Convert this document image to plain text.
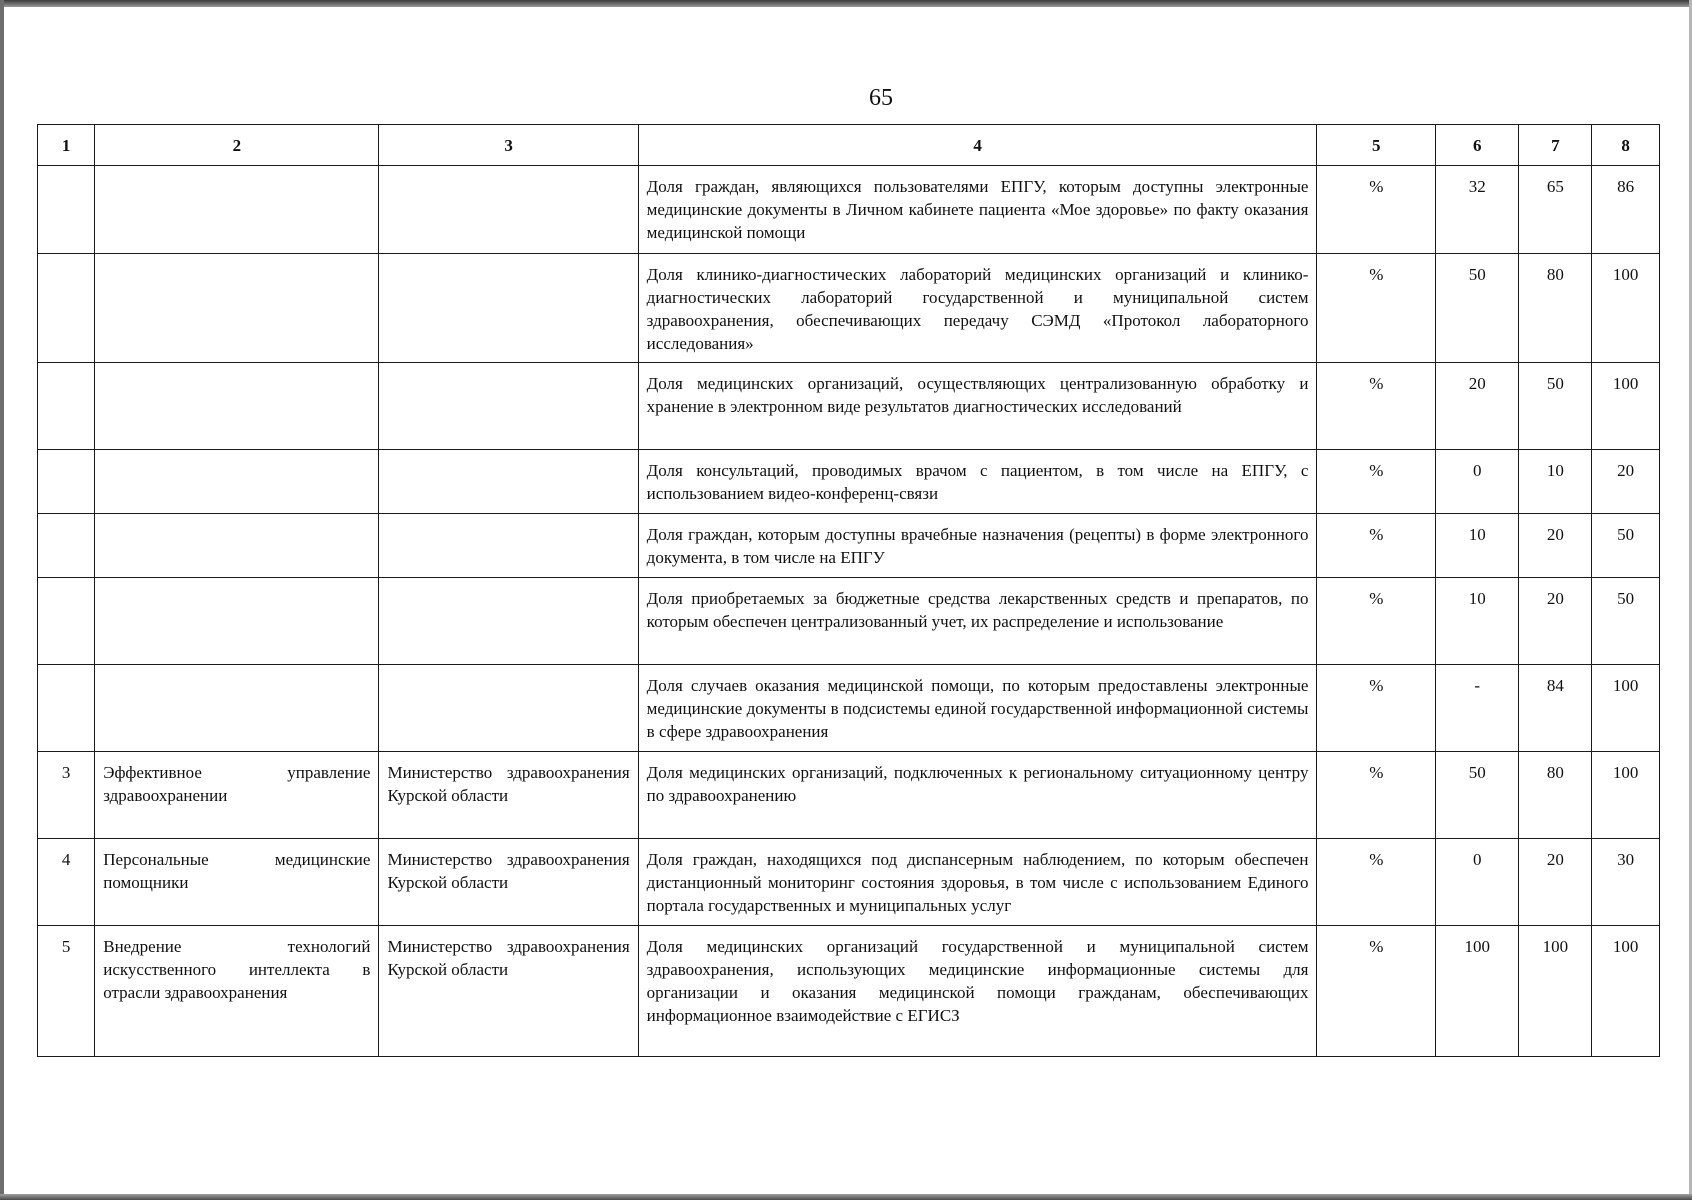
65
1	2	3	4	5	6	7	8
			Доля граждан, являющихся пользователями ЕПГУ, которым доступны электронные медицинские документы в Личном кабинете пациента «Мое здоровье» по факту оказания медицинской помощи	%	32	65	86
			Доля клинико-диагностических лабораторий медицинских организаций и клинико- диагностических лабораторий государственной и муниципальной систем здравоохранения, обеспечивающих передачу СЭМД «Протокол лабораторного исследования»	%	50	80	100
			Доля медицинских организаций, осуществляющих централизованную обработку и хранение в электронном виде результатов диагностических исследований	%	20	50	100
			Доля консультаций, проводимых врачом с пациентом, в том числе на ЕПГУ, с использованием видео-конференц-связи	%	0	10	20
			Доля граждан, которым доступны врачебные назначения (рецепты) в форме электронного документа, в том числе на ЕПГУ	%	10	20	50
			Доля приобретаемых за бюджетные средства лекарственных средств и препаратов, по которым обеспечен централизованный учет, их распределение и использование	%	10	20	50
			Доля случаев оказания медицинской помощи, по которым предоставлены электронные медицинские документы в подсистемы единой государственной информационной системы в сфере здравоохранения	%	-	84	100
3	Эффективное управление здравоохранении	Министерство здравоохранения Курской области	Доля медицинских организаций, подключенных к региональному ситуационному центру по здравоохранению	%	50	80	100
4	Персональные медицинские помощники	Министерство здравоохранения Курской области	Доля граждан, находящихся под диспансерным наблюдением, по которым обеспечен дистанционный мониторинг состояния здоровья, в том числе с использованием Единого портала государственных и муниципальных услуг	%	0	20	30
5	Внедрение технологий искусственного интеллекта в отрасли здравоохранения	Министерство здравоохранения Курской области	Доля медицинских организаций государственной и муниципальной систем здравоохранения, использующих медицинские информационные системы для организации и оказания медицинской помощи гражданам, обеспечивающих информационное взаимодействие с ЕГИСЗ	%	100	100	100
